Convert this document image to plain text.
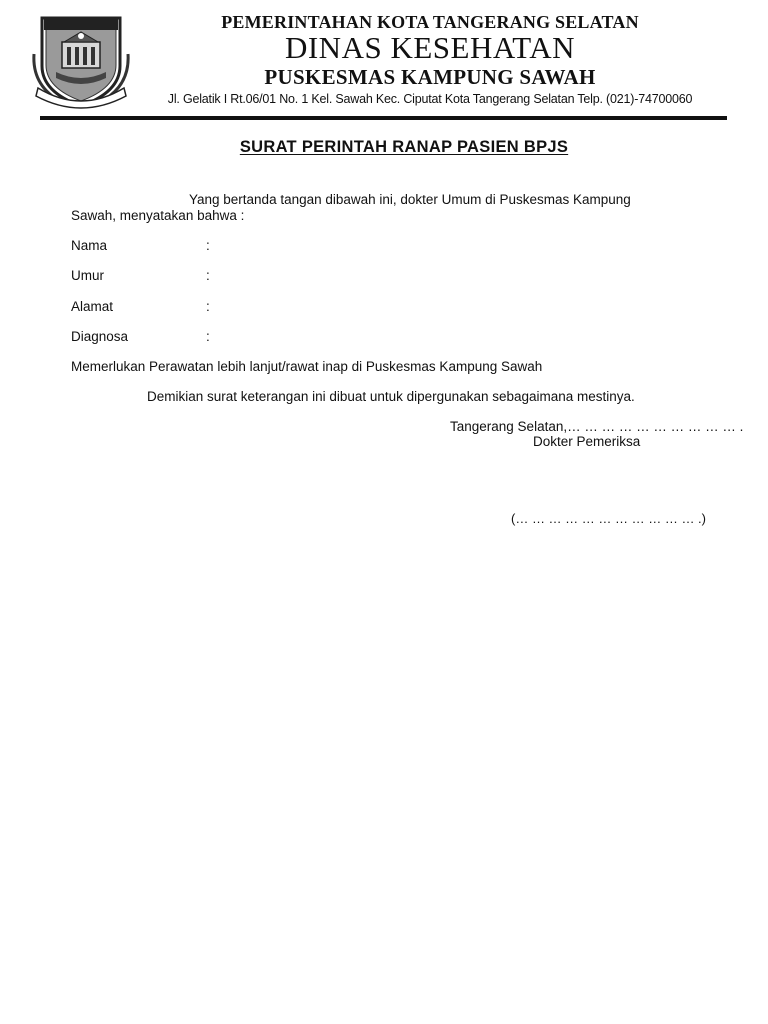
PEMERINTAHAN KOTA TANGERANG SELATAN
DINAS KESEHATAN
PUSKESMAS KAMPUNG SAWAH
Jl. Gelatik I Rt.06/01 No. 1 Kel. Sawah Kec. Ciputat Kota Tangerang Selatan Telp. (021)-74700060
SURAT PERINTAH RANAP PASIEN BPJS
Yang bertanda tangan dibawah ini, dokter Umum di Puskesmas Kampung
Sawah, menyatakan bahwa :
Nama	:
Umur	:
Alamat	:
Diagnosa	:
Memerlukan Perawatan lebih lanjut/rawat inap di Puskesmas Kampung Sawah
Demikian surat keterangan ini dibuat untuk dipergunakan sebagaimana mestinya.
Tangerang Selatan,… … … … … … … … … … .
Dokter Pemeriksa
(… … … … … … … … … … … .)
